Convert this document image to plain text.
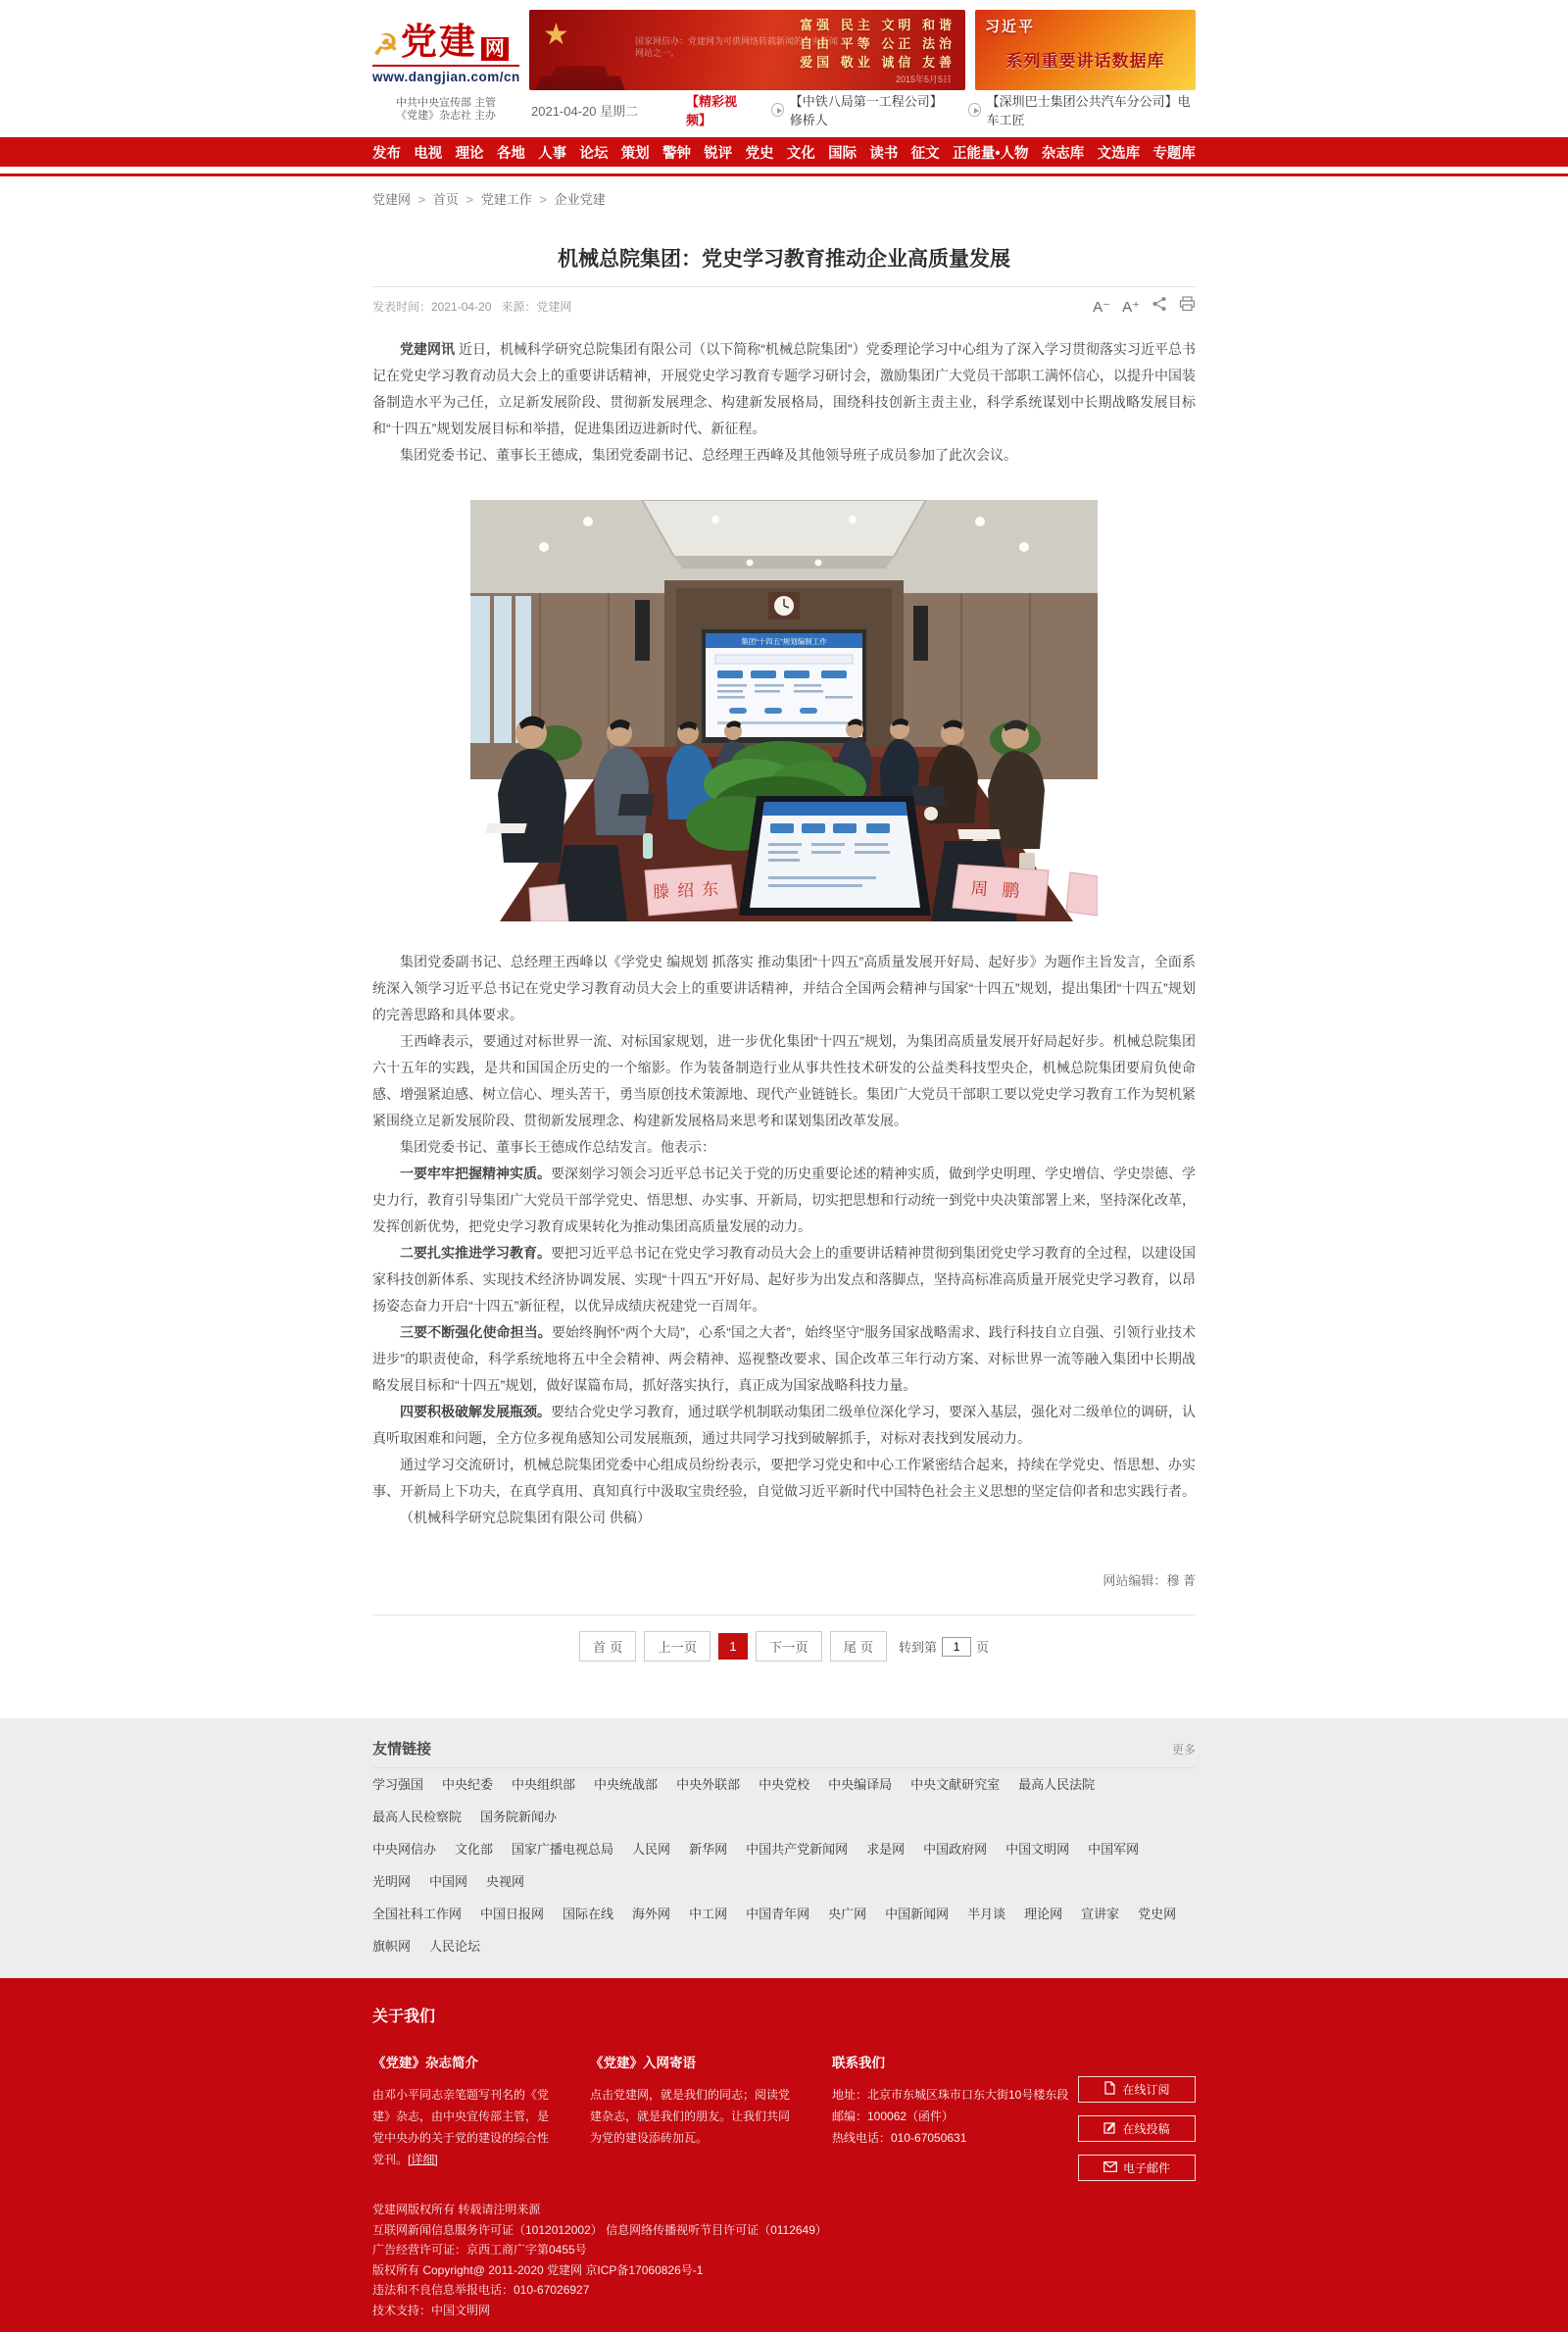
☭ 党建 网
www.dangjian.com/cn
★	国家网信办：党建网为可供网络转载新闻的中央新闻网站之一。
富强 民主 文明 和谐
自由 平等 公正 法治
爱国 敬业 诚信 友善
2015年5月5日
习近平
系列重要讲话数据库
中共中央宣传部 主管
《党建》杂志社 主办	2021-04-20 星期二
【精彩视频】
【中铁八局第一工程公司】修桥人
【深圳巴士集团公共汽车分公司】电车工匠
发布 电视 理论 各地 人事 论坛 策划 警钟 锐评 党史 文化 国际 读书 征文 正能量•人物 杂志库 文选库 专题库
党建网 > 首页 > 党建工作 > 企业党建
机械总院集团：党史学习教育推动企业高质量发展
发表时间：2021-04-20 来源：党建网	A⁻ A⁺

党建网讯 近日，机械科学研究总院集团有限公司（以下简称“机械总院集团”）党委理论学习中心组为了深入学习贯彻落实习近平总书记在党史学习教育动员大会上的重要讲话精神，开展党史学习教育专题学习研讨会，激励集团广大党员干部职工满怀信心，以提升中国装备制造水平为己任，立足新发展阶段、贯彻新发展理念、构建新发展格局，围绕科技创新主责主业，科学系统谋划中长期战略发展目标和“十四五”规划发展目标和举措，促进集团迈进新时代、新征程。

集团党委书记、董事长王德成，集团党委副书记、总经理王西峰及其他领导班子成员参加了此次会议。

集团“十四五”规划编制工作
滕绍东	周鹏

集团党委副书记、总经理王西峰以《学党史 编规划 抓落实 推动集团“十四五”高质量发展开好局、起好步》为题作主旨发言，全面系统深入领学习近平总书记在党史学习教育动员大会上的重要讲话精神，并结合全国两会精神与国家“十四五”规划，提出集团“十四五”规划的完善思路和具体要求。

王西峰表示，要通过对标世界一流、对标国家规划，进一步优化集团“十四五”规划，为集团高质量发展开好局起好步。机械总院集团六十五年的实践，是共和国国企历史的一个缩影。作为装备制造行业从事共性技术研发的公益类科技型央企，机械总院集团要肩负使命感、增强紧迫感、树立信心、埋头苦干，勇当原创技术策源地、现代产业链链长。集团广大党员干部职工要以党史学习教育工作为契机紧紧围绕立足新发展阶段、贯彻新发展理念、构建新发展格局来思考和谋划集团改革发展。

集团党委书记、董事长王德成作总结发言。他表示：

一要牢牢把握精神实质。要深刻学习领会习近平总书记关于党的历史重要论述的精神实质，做到学史明理、学史增信、学史崇德、学史力行，教育引导集团广大党员干部学党史、悟思想、办实事、开新局，切实把思想和行动统一到党中央决策部署上来，坚持深化改革，发挥创新优势，把党史学习教育成果转化为推动集团高质量发展的动力。

二要扎实推进学习教育。要把习近平总书记在党史学习教育动员大会上的重要讲话精神贯彻到集团党史学习教育的全过程，以建设国家科技创新体系、实现技术经济协调发展、实现“十四五”开好局、起好步为出发点和落脚点，坚持高标准高质量开展党史学习教育，以昂扬姿态奋力开启“十四五”新征程，以优异成绩庆祝建党一百周年。

三要不断强化使命担当。要始终胸怀“两个大局”，心系“国之大者”，始终坚守“服务国家战略需求、践行科技自立自强、引领行业技术进步”的职责使命，科学系统地将五中全会精神、两会精神、巡视整改要求、国企改革三年行动方案、对标世界一流等融入集团中长期战略发展目标和“十四五”规划，做好谋篇布局，抓好落实执行，真正成为国家战略科技力量。

四要积极破解发展瓶颈。要结合党史学习教育，通过联学机制联动集团二级单位深化学习，要深入基层，强化对二级单位的调研，认真听取困难和问题，全方位多视角感知公司发展瓶颈，通过共同学习找到破解抓手，对标对表找到发展动力。

通过学习交流研讨，机械总院集团党委中心组成员纷纷表示，要把学习党史和中心工作紧密结合起来，持续在学党史、悟思想、办实事、开新局上下功夫，在真学真用、真知真行中汲取宝贵经验，自觉做习近平新时代中国特色社会主义思想的坚定信仰者和忠实践行者。

（机械科学研究总院集团有限公司 供稿）

网站编辑：穆 菁
首 页	上一页	1	下一页	尾 页	转到第
1	页
友情链接	更多
学习强国 中央纪委 中央组织部 中央统战部 中央外联部 中央党校 中央编译局 中央文献研究室 最高人民法院最高人民检察院 国务院新闻办
中央网信办 文化部 国家广播电视总局 人民网 新华网 中国共产党新闻网 求是网 中国政府网 中国文明网 中国军网光明网 中国网 央视网
全国社科工作网 中国日报网 国际在线 海外网 中工网 中国青年网 央广网 中国新闻网 半月谈 理论网 宣讲家 党史网旗帜网 人民论坛
关于我们
《党建》杂志简介

由邓小平同志亲笔题写刊名的《党建》杂志，由中央宣传部主管，是党中央办的关于党的建设的综合性党刊。[详细]

《党建》入网寄语

点击党建网，就是我们的同志；阅读党建杂志，就是我们的朋友。让我们共同为党的建设添砖加瓦。

联系我们
地址：北京市东城区珠市口东大街10号楼东段
邮编：100062（函件）
热线电话：010-67050631
在线订阅
在线投稿
电子邮件
党建网版权所有 转载请注明来源
互联网新闻信息服务许可证（1012012002） 信息网络传播视听节目许可证（0112649）
广告经营许可证：京西工商广字第0455号
版权所有 Copyright@ 2011-2020 党建网 京ICP备17060826号-1
违法和不良信息举报电话：010-67026927
技术支持：中国文明网
